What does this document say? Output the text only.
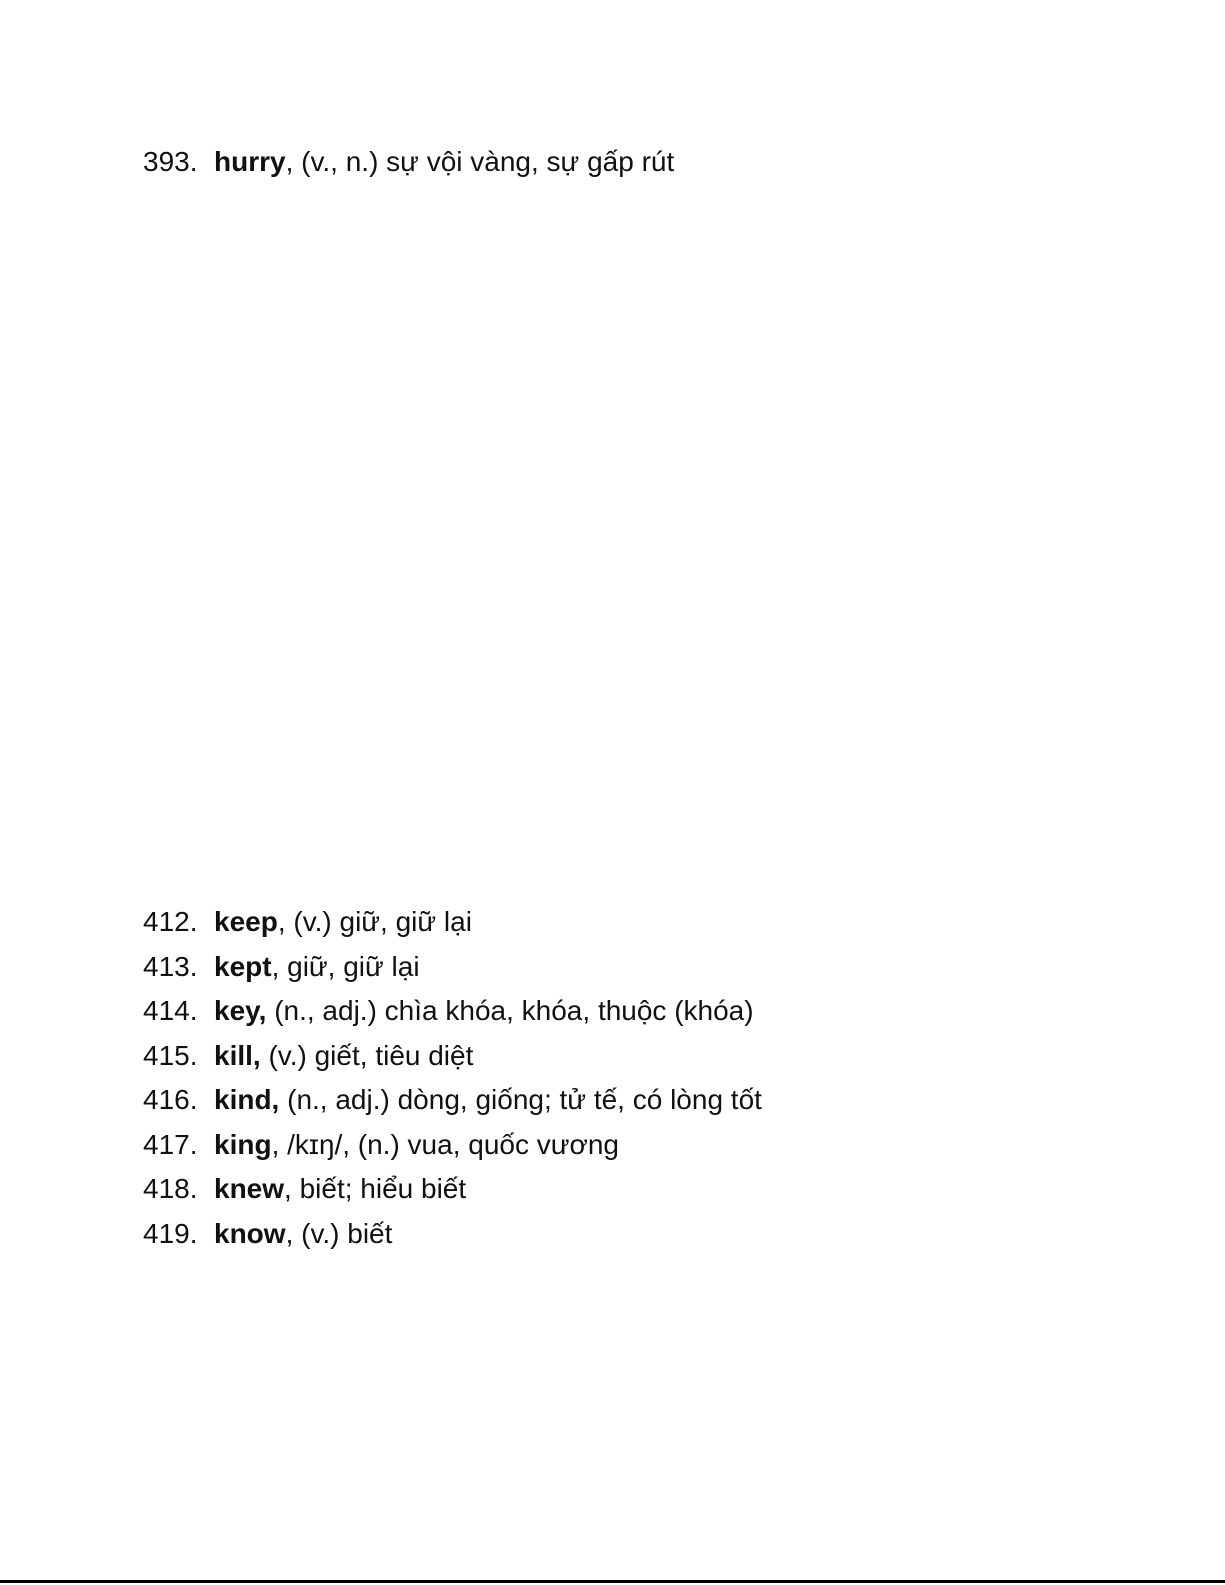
393. hurry, (v., n.) sự vội vàng, sự gấp rút
412. keep, (v.) giữ, giữ lại
413. kept, giữ, giữ lại
414. key, (n., adj.) chìa khóa, khóa, thuộc (khóa)
415. kill, (v.) giết, tiêu diệt
416. kind, (n., adj.) dòng, giống; tử tế, có lòng tốt
417. king, /kɪŋ/, (n.) vua, quốc vương
418. knew, biết; hiểu biết
419. know, (v.) biết
